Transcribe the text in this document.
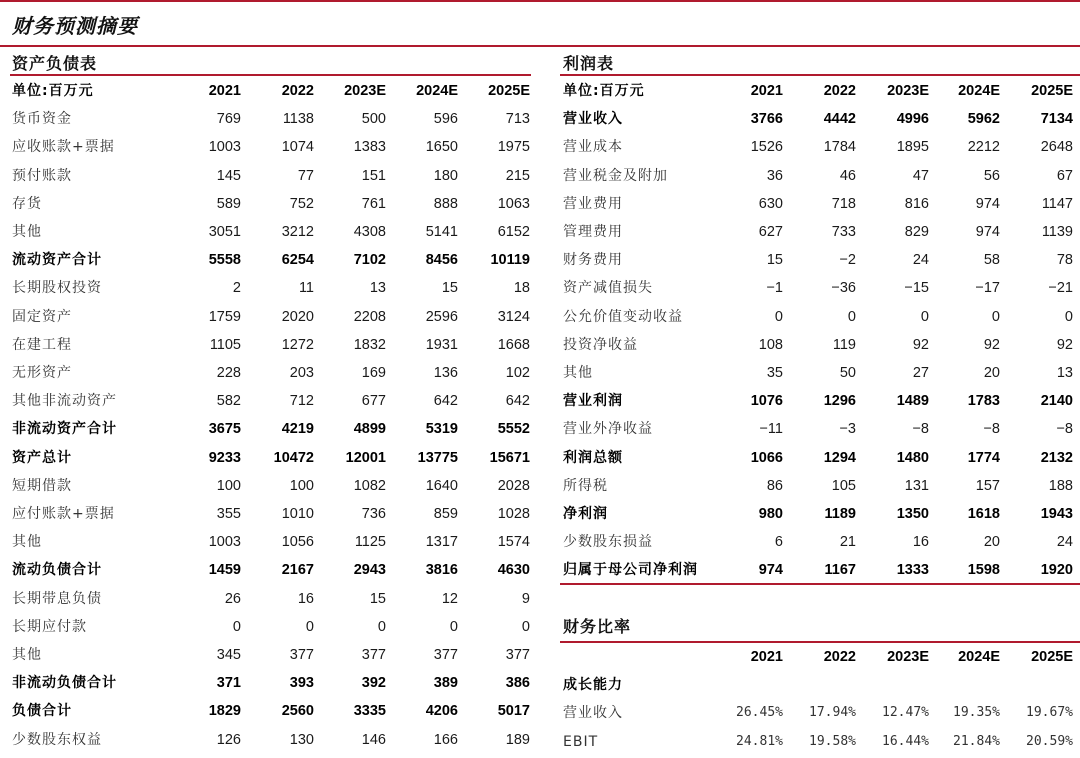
财务预测摘要
资产负债表
单位:百万元	2021	2022 2023E 2024E 2025E
货币资金	769	1138	500	596	713
应收账款+票据	1003	1074	1383	1650	1975
预付账款	145	77	151	180	215
存货	589	752	761	888	1063
其他	3051	3212	4308	5141	6152
流动资产合计	5558	6254	7102	8456 10119
长期股权投资	2	11	13	15	18
固定资产	1759	2020	2208	2596	3124
在建工程	1105	1272	1832	1931	1668
无形资产	228	203	169	136	102
其他非流动资产	582	712	677	642	642
非流动资产合计	3675	4219	4899	5319	5552
资产总计	9233 10472 12001 13775 15671
短期借款	100	100	1082	1640	2028
应付账款+票据	355	1010	736	859	1028
其他	1003	1056	1125	1317	1574
流动负债合计	1459	2167	2943	3816	4630
长期带息负债	26	16	15	12	9
长期应付款	0	0	0	0	0
其他	345	377	377	377	377
非流动负债合计	371	393	392	389	386
负债合计	1829	2560	3335	4206	5017
少数股东权益	126	130	146	166	189
利润表
单位:百万元	2021	2022 2023E 2024E 2025E
营业收入	3766	4442	4996	5962	7134
营业成本	1526	1784	1895	2212	2648
营业税金及附加	36	46	47	56	67
营业费用	630	718	816	974	1147
管理费用	627	733	829	974	1139
财务费用	15	−2	24	58	78
资产减值损失	−1	−36	−15	−17	−21
公允价值变动收益	0	0	0	0	0
投资净收益	108	119	92	92	92
其他	35	50	27	20	13
营业利润	1076	1296	1489	1783	2140
营业外净收益	−11	−3	−8	−8	−8
利润总额	1066	1294	1480	1774	2132
所得税	86	105	131	157	188
净利润	980	1189	1350	1618	1943
少数股东损益	6	21	16	20	24
归属于母公司净利润	974	1167	1333	1598	1920
财务比率
2021	2022 2023E 2024E 2025E
成长能力
营业收入	26.45% 17.94% 12.47% 19.35% 19.67%
EBIT	24.81% 19.58% 16.44% 21.84% 20.59%
